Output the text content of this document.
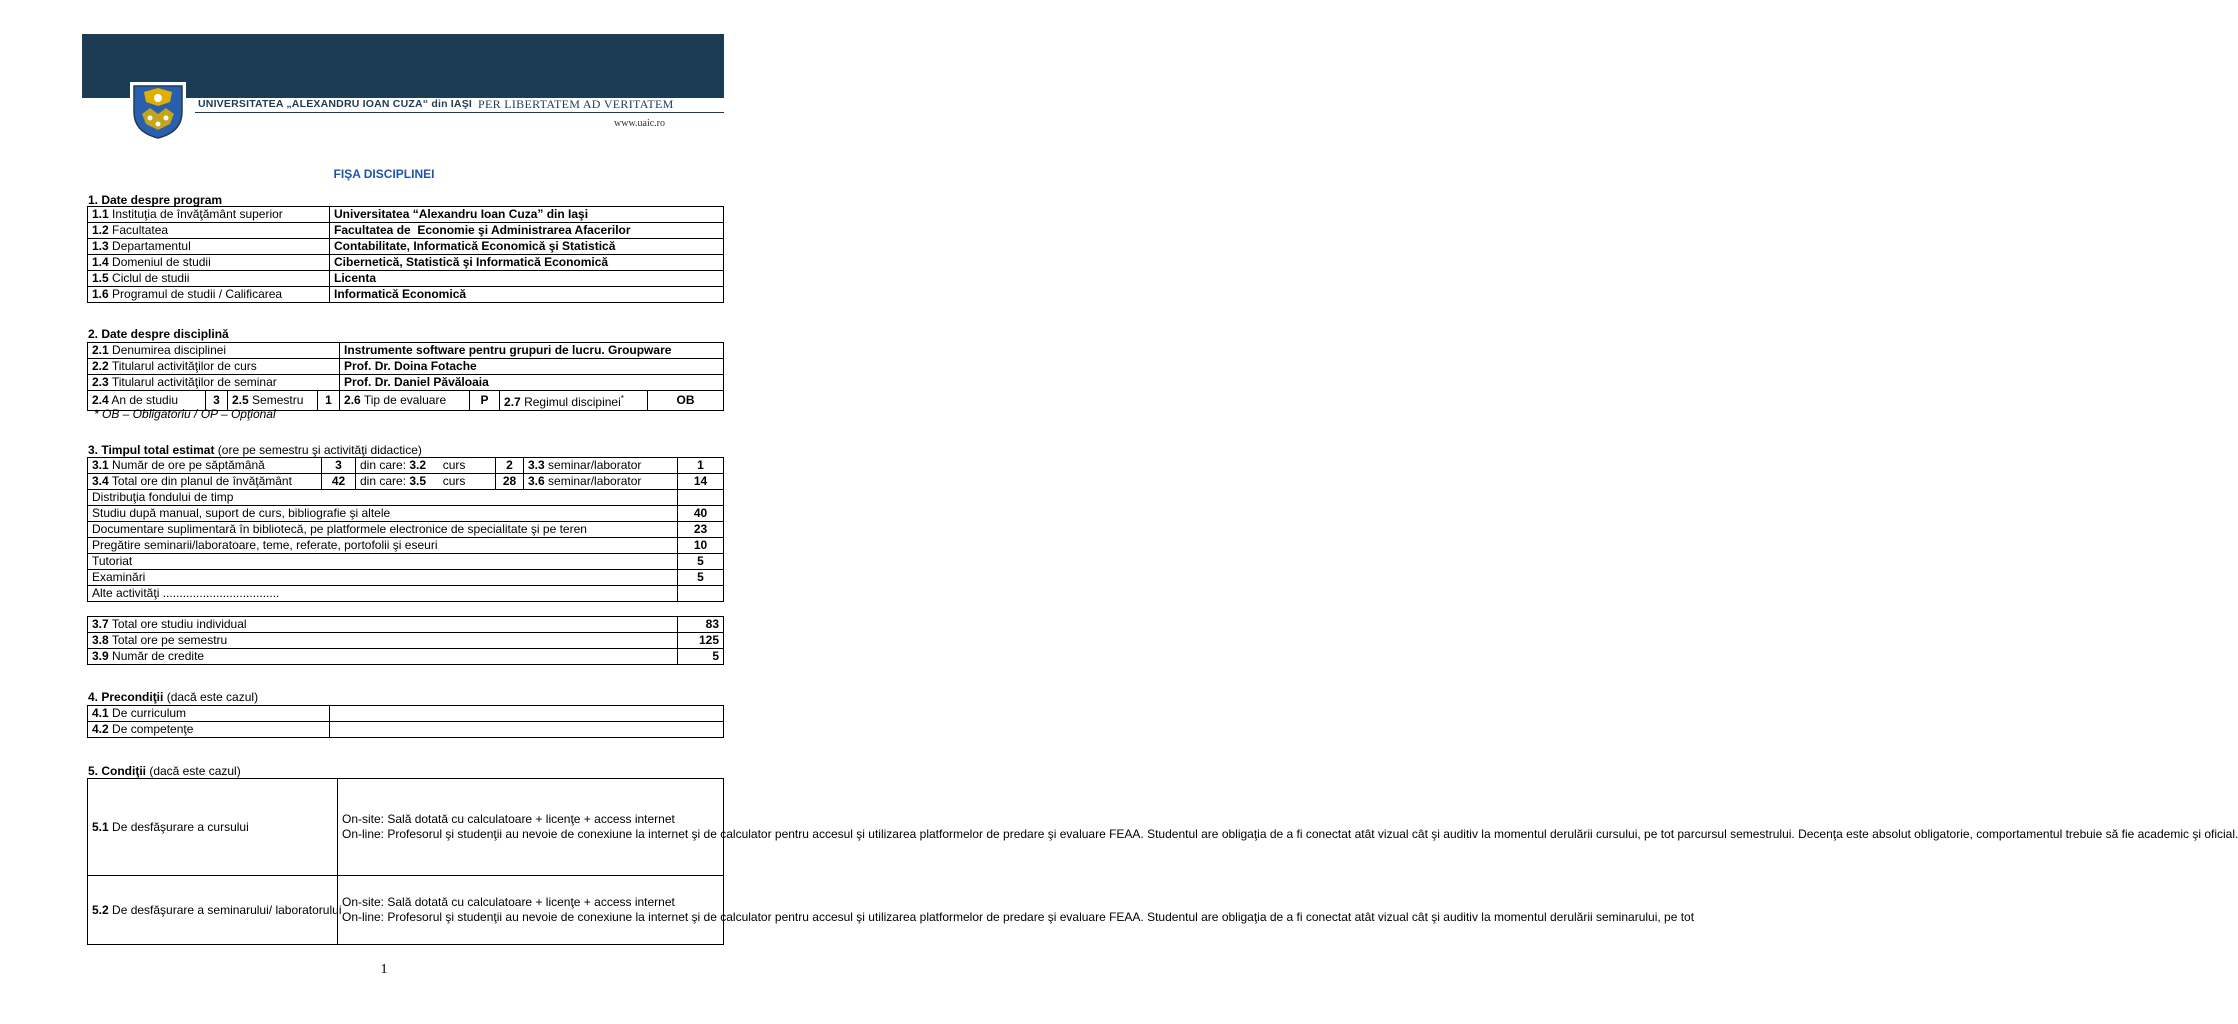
UNIVERSITATEA „ALEXANDRU IOAN CUZA“ din IAŞI PER LIBERTATEM AD VERITATEM
www.uaic.ro
FIŞA DISCIPLINEI
1. Date despre program
1.1 Instituţia de învăţământ superior	Universitatea “Alexandru Ioan Cuza” din Iaşi
1.2 Facultatea	Facultatea de  Economie şi Administrarea Afacerilor
1.3 Departamentul	Contabilitate, Informatică Economică şi Statistică
1.4 Domeniul de studii	Cibernetică, Statistică şi Informatică Economică
1.5 Ciclul de studii	Licenta
1.6 Programul de studii / Calificarea	Informatică Economică
2. Date despre disciplină
2.1 Denumirea disciplinei				Instrumente software pentru grupuri de lucru. Groupware			
2.2 Titularul activităţilor de curs				Prof. Dr. Doina Fotache			
2.3 Titularul activităţilor de seminar				Prof. Dr. Daniel Păvăloaia			
2.4 An de studiu	3	2.5 Semestru	1	2.6 Tip de evaluare	P	2.7 Regimul discipinei*	OB
* OB – Obligatoriu / OP – Opţional
3. Timpul total estimat (ore pe semestru şi activităţi didactice)
3.1 Număr de ore pe săptămână	3	din care: 3.2 curs	2	3.3 seminar/laborator	1
3.4 Total ore din planul de învăţământ	42	din care: 3.5 curs	28	3.6 seminar/laborator	14
Distribuţia fondului de timp					
Studiu după manual, suport de curs, bibliografie şi altele					40
Documentare suplimentară în bibliotecă, pe platformele electronice de specialitate şi pe teren					23
Pregătire seminarii/laboratoare, teme, referate, portofolii şi eseuri					10
Tutoriat					5
Examinări					5
Alte activităţi ...................................					
3.7 Total ore studiu individual	83
3.8 Total ore pe semestru	125
3.9 Număr de credite	5
4. Precondiţii (dacă este cazul)
4.1 De curriculum	
4.2 De competenţe	
5. Condiţii (dacă este cazul)
5.1 De desfăşurare a cursului	On-site: Sală dotată cu calculatoare + licenţe + access internet
On-line: Profesorul şi studenţii au nevoie de conexiune la internet şi de calculator pentru accesul şi utilizarea platformelor de predare şi evaluare FEAA. Studentul are obligaţia de a fi conectat atât vizual cât şi auditiv la momentul derulării cursului, pe tot parcursul semestrului. Decenţa este absolut obligatorie, comportamentul trebuie să fie academic şi oficial.

5.2 De desfăşurare a seminarului/ laboratorului	On-site: Sală dotată cu calculatoare + licenţe + access internet
On-line: Profesorul şi studenţii au nevoie de conexiune la internet şi de calculator pentru accesul şi utilizarea platformelor de predare şi evaluare FEAA. Studentul are obligaţia de a fi conectat atât vizual cât şi auditiv la momentul derulării seminarului, pe tot
1
